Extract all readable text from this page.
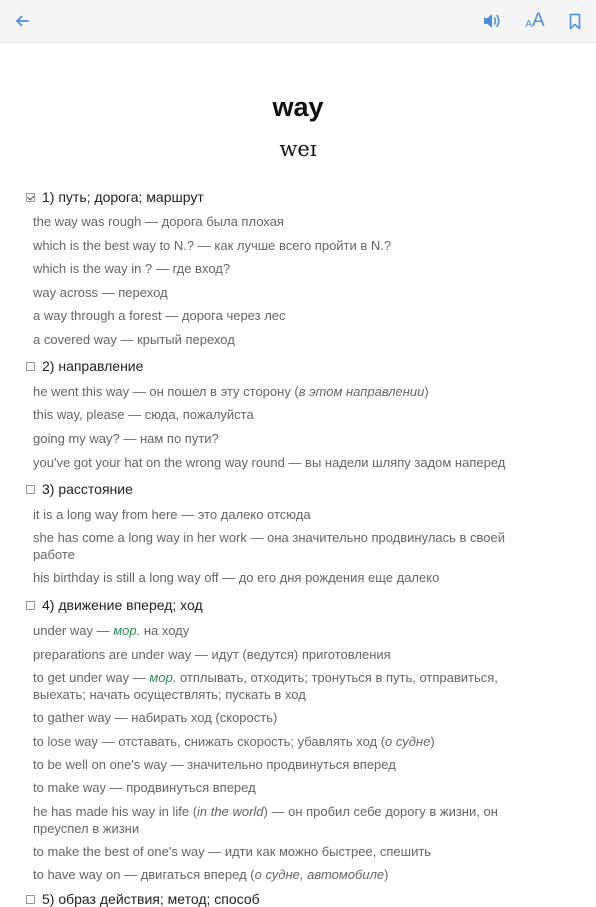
A A
way
weɪ
1) путь; дорога; маршрут
the way was rough — дорога была плохая
which is the best way to N.? — как лучше всего пройти в N.?
which is the way in ? — где вход?
way across — переход
a way through a forest — дорога через лес
a covered way — крытый переход
2) направление
he went this way — он пошел в эту сторону (в этом направлении)
this way, please — сюда, пожалуйста
going my way? — нам по пути?
you've got your hat on the wrong way round — вы надели шляпу задом наперед
3) расстояние
it is a long way from here — это далеко отсюда
she has come a long way in her work — она значительно продвинулась в своей
работе
his birthday is still a long way off — до его дня рождения еще далеко
4) движение вперед; ход
under way — мор. на ходу
preparations are under way — идут (ведутся) приготовления
to get under way — мор. отплывать, отходить; тронуться в путь, отправиться,
выехать; начать осуществлять; пускать в ход
to gather way — набирать ход (скорость)
to lose way — отставать, снижать скорость; убавлять ход (о судне)
to be well on one's way — значительно продвинуться вперед
to make way — продвинуться вперед
he has made his way in life (in the world) — он пробил себе дорогу в жизни, он
преуспел в жизни
to make the best of one's way — идти как можно быстрее, спешить
to have way on — двигаться вперед (о судне, автомобиле)
5) образ действия; метод; способ
